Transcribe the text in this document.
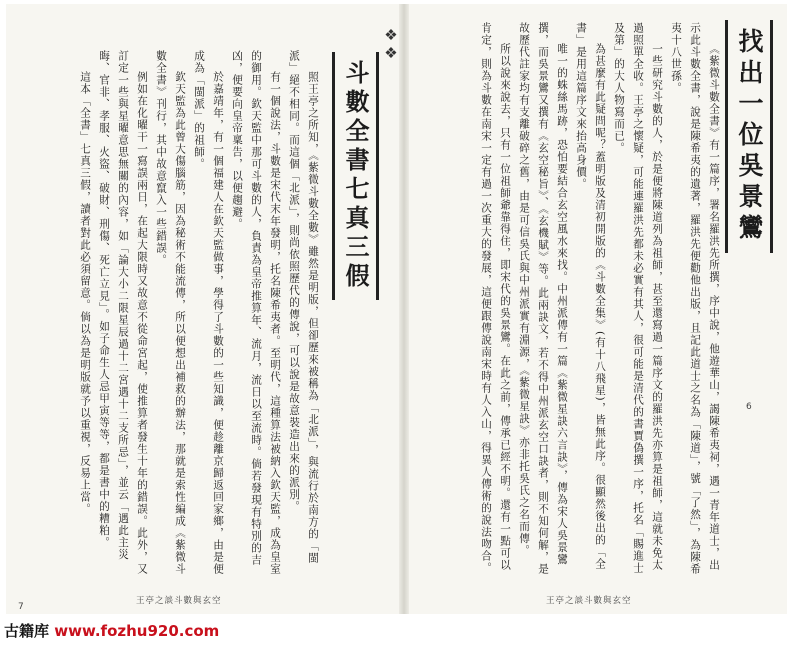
找出一位吳景鸞

《紫微斗數全書》有一篇序，署名羅洪先所撰，序中說，他遊華山，謁陳希夷祠，遇一青年道士，出示此斗數全書，說是陳希夷的遺著，羅洪先便勸他出版，且記此道士之名為「陳道」，號「了然」，為陳希夷十八世孫。

一些研究斗數的人，於是便將陳道列為祖師，甚至還寫過一篇序文的羅洪先亦算是祖師，這就未免太過照單全收。王亭之懷疑，可能連羅洪先都未必實有其人，很可能是清代的書賈偽撰一序，托名「賜進士及第」的大人物寫而已。

為甚麼有此疑問呢？蓋明版及清初開版的《斗數全集》(有十八飛星)，皆無此序。很顯然後出的「全書」是用這篇序文來抬高身價。

唯一的蛛絲馬跡，恐怕要結合玄空風水來找。中州派傳有一篇《紫微星訣六言訣》，傳為宋人吳景鸞撰，而吳景鸞又撰有《玄空秘旨》、《玄機賦》等。此兩訣文，若不得中州派玄空口訣者，則不知何解，是故歷代註家均有支離破碎之舊，由是可信吳氏與中州派實有淵源，《紫微星訣》亦非托吳氏之名而傳。

所以說來說去，只有一位祖師爺靠得住，即宋代的吳景鸞。在此之前，傳承已經不明。還有一點可以肯定，則為斗數在南宋一定有過一次重大的發展，這便跟傳說南宋時有人入山，得異人傳術的說法吻合。	6
王亭之談斗數與玄空
❖❖
斗數全書七真三假

照王亭之所知，《紫微斗數全數》雖然是明版，但卻歷來被稱為「北派」，與流行於南方的「閩派」絕不相同。而這個「北派」，則尚依照歷代的傳說，可以說是故意裝造出來的派別。

有一個說法，斗數是宋代末年發明，托名陳希夷者。至明代，這種算法被納入欽天監，成為皇室的御用。欽天監中那可斗數的人，負責為皇帝推算年、流月，流日以至流時。倘若發現有特別的吉凶，便要向皇帝稟告，以便趨避。

於嘉靖年，有一個福建人在欽天監做事，學得了斗數的一些知識，便趁離京歸返回家鄉，由是便成為「閩派」的祖師。

欽天監為此曾大傷腦筋，因為秘術不能流傳，所以便想出補救的辦法，那就是索性編成《紫微斗數全書》刊行，其中故意竄入一些錯誤。

例如在化曜干一寫誤兩日，在起大限時又故意不從命宮起，使推算者發生十年的錯誤。此外，又訂定一些與星曜意思無關的內容，如「論大小二限星辰過十二宮遇十二支所忌」，並云「遇此主災晦、官非、孝服、火盜、破財、刑傷、死亡立見」。如子命生人忌甲寅等等，都是書中的糟粕。

這本「全書」七真三假，讀者對此必須留意。倘以為是明版就予以重視，反易上當。

7
王亭之談斗數與玄空
古籍库 www.fozhu920.com
